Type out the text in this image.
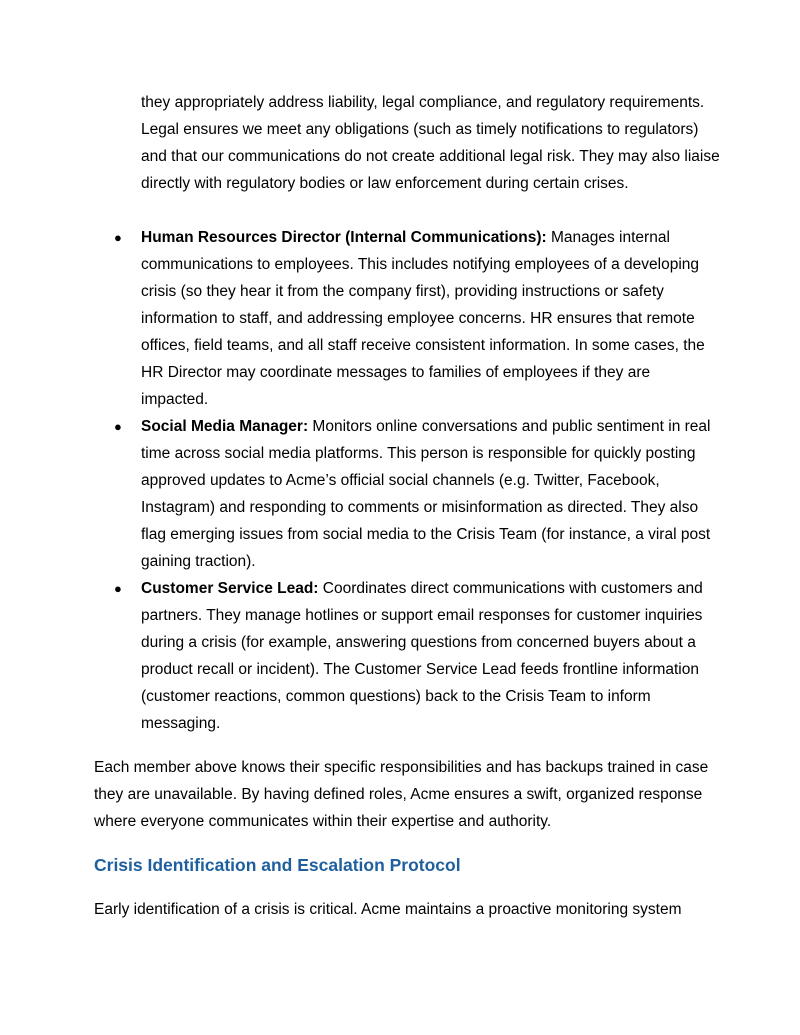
they appropriately address liability, legal compliance, and regulatory requirements. Legal ensures we meet any obligations (such as timely notifications to regulators) and that our communications do not create additional legal risk. They may also liaise directly with regulatory bodies or law enforcement during certain crises.

● Human Resources Director (Internal Communications): Manages internal communications to employees. This includes notifying employees of a developing crisis (so they hear it from the company first), providing instructions or safety information to staff, and addressing employee concerns. HR ensures that remote offices, field teams, and all staff receive consistent information. In some cases, the HR Director may coordinate messages to families of employees if they are impacted.
● Social Media Manager: Monitors online conversations and public sentiment in real time across social media platforms. This person is responsible for quickly posting approved updates to Acme’s official social channels (e.g. Twitter, Facebook, Instagram) and responding to comments or misinformation as directed. They also flag emerging issues from social media to the Crisis Team (for instance, a viral post gaining traction).
● Customer Service Lead: Coordinates direct communications with customers and partners. They manage hotlines or support email responses for customer inquiries during a crisis (for example, answering questions from concerned buyers about a product recall or incident). The Customer Service Lead feeds frontline information (customer reactions, common questions) back to the Crisis Team to inform messaging.

Each member above knows their specific responsibilities and has backups trained in case they are unavailable. By having defined roles, Acme ensures a swift, organized response where everyone communicates within their expertise and authority.

Crisis Identification and Escalation Protocol

Early identification of a crisis is critical. Acme maintains a proactive monitoring system
